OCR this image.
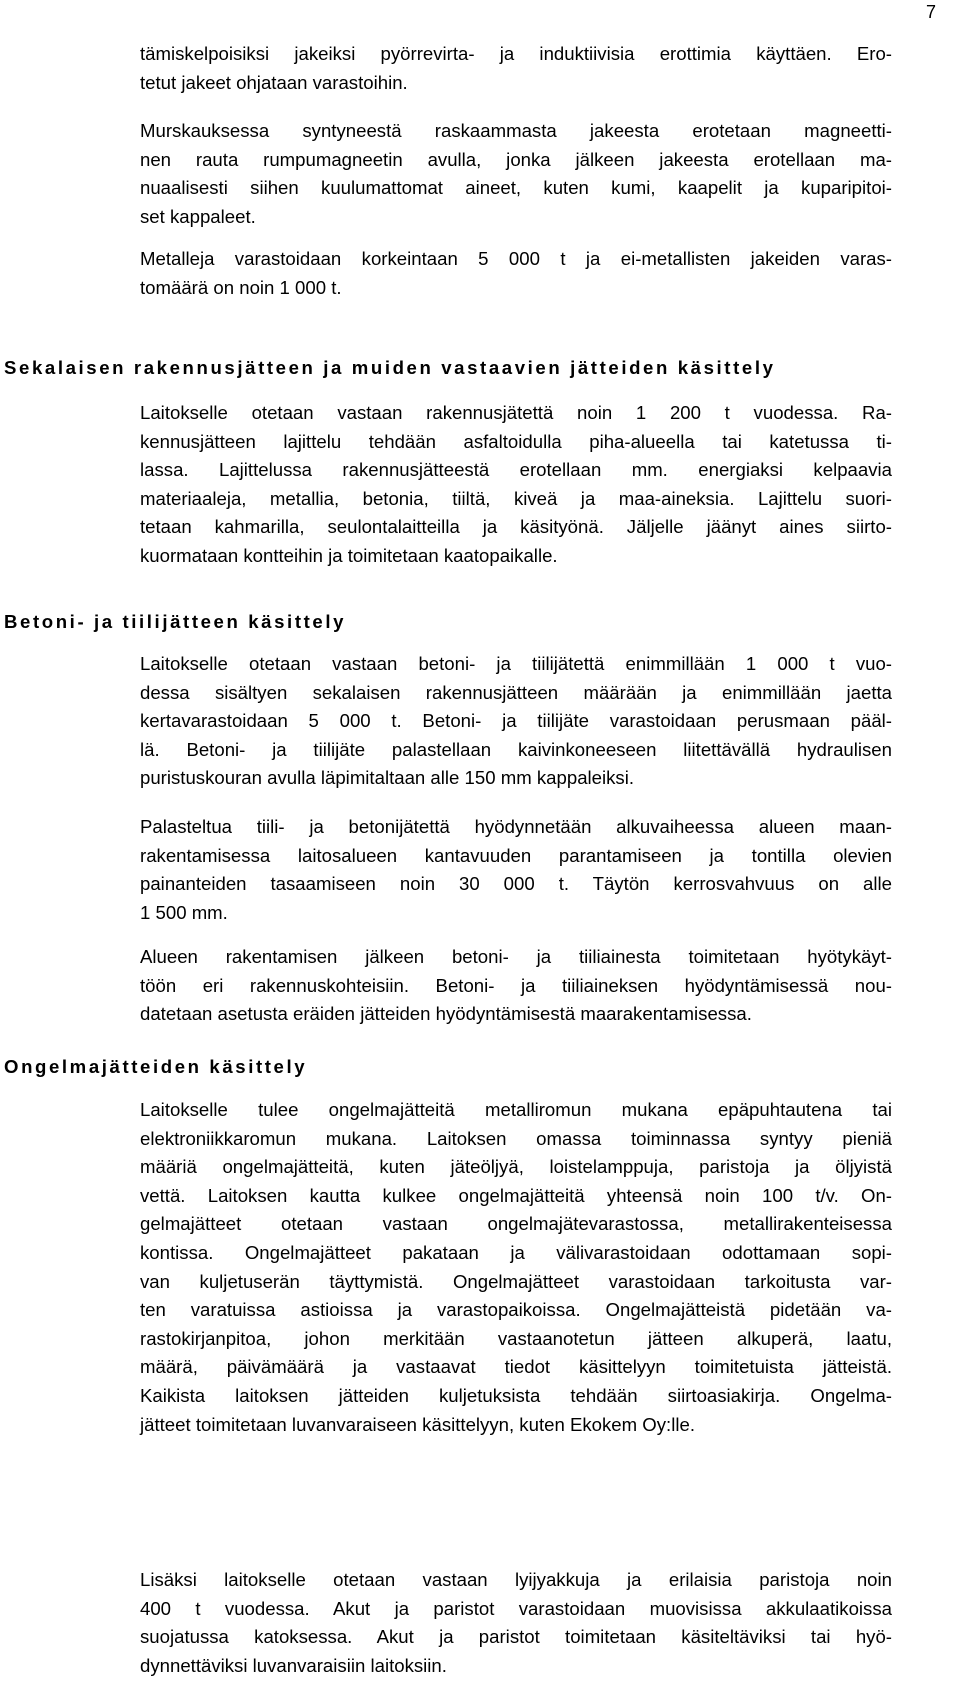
7
tämiskelpoisiksi jakeiksi pyörrevirta- ja induktiivisia erottimia käyttäen. Ero-
tetut jakeet ohjataan varastoihin.
Murskauksessa syntyneestä raskaammasta jakeesta erotetaan magneetti-
nen rauta rumpumagneetin avulla, jonka jälkeen jakeesta erotellaan ma-
nuaalisesti siihen kuulumattomat aineet, kuten kumi, kaapelit ja kuparipitoi-
set kappaleet.
Metalleja varastoidaan korkeintaan 5 000 t ja ei-metallisten jakeiden varas-
tomäärä on noin 1 000 t.
Sekalaisen rakennusjätteen ja muiden vastaavien jätteiden käsittely
Laitokselle otetaan vastaan rakennusjätettä noin 1 200 t vuodessa. Ra-
kennusjätteen lajittelu tehdään asfaltoidulla piha-alueella tai katetussa ti-
lassa. Lajittelussa rakennusjätteestä erotellaan mm. energiaksi kelpaavia
materiaaleja, metallia, betonia, tiiltä, kiveä ja maa-aineksia. Lajittelu suori-
tetaan kahmarilla, seulontalaitteilla ja käsityönä. Jäljelle jäänyt aines siirto-
kuormataan kontteihin ja toimitetaan kaatopaikalle.
Betoni- ja tiilijätteen käsittely
Laitokselle otetaan vastaan betoni- ja tiilijätettä enimmillään 1 000 t vuo-
dessa sisältyen sekalaisen rakennusjätteen määrään ja enimmillään jaetta
kertavarastoidaan 5 000 t. Betoni- ja tiilijäte varastoidaan perusmaan pääl-
lä. Betoni- ja tiilijäte palastellaan kaivinkoneeseen liitettävällä hydraulisen
puristuskouran avulla läpimitaltaan alle 150 mm kappaleiksi.
Palasteltua tiili- ja betonijätettä hyödynnetään alkuvaiheessa alueen maan-
rakentamisessa laitosalueen kantavuuden parantamiseen ja tontilla olevien
painanteiden tasaamiseen noin 30 000 t. Täytön kerrosvahvuus on alle
1 500 mm.
Alueen rakentamisen jälkeen betoni- ja tiiliainesta toimitetaan hyötykäyt-
töön eri rakennuskohteisiin. Betoni- ja tiiliaineksen hyödyntämisessä nou-
datetaan asetusta eräiden jätteiden hyödyntämisestä maarakentamisessa.
Ongelmajätteiden käsittely
Laitokselle tulee ongelmajätteitä metalliromun mukana epäpuhtautena tai
elektroniikkaromun mukana. Laitoksen omassa toiminnassa syntyy pieniä
määriä ongelmajätteitä, kuten jäteöljyä, loistelamppuja, paristoja ja öljyistä
vettä. Laitoksen kautta kulkee ongelmajätteitä yhteensä noin 100 t/v. On-
gelmajätteet otetaan vastaan ongelmajätevarastossa, metallirakenteisessa
kontissa. Ongelmajätteet pakataan ja välivarastoidaan odottamaan sopi-
van kuljetuserän täyttymistä. Ongelmajätteet varastoidaan tarkoitusta var-
ten varatuissa astioissa ja varastopaikoissa. Ongelmajätteistä pidetään va-
rastokirjanpitoa, johon merkitään vastaanotetun jätteen alkuperä, laatu,
määrä, päivämäärä ja vastaavat tiedot käsittelyyn toimitetuista jätteistä.
Kaikista laitoksen jätteiden kuljetuksista tehdään siirtoasiakirja. Ongelma-
jätteet toimitetaan luvanvaraiseen käsittelyyn, kuten Ekokem Oy:lle.
Lisäksi laitokselle otetaan vastaan lyijyakkuja ja erilaisia paristoja noin
400 t vuodessa. Akut ja paristot varastoidaan muovisissa akkulaatikoissa
suojatussa katoksessa. Akut ja paristot toimitetaan käsiteltäviksi tai hyö-
dynnettäviksi luvanvaraisiin laitoksiin.
